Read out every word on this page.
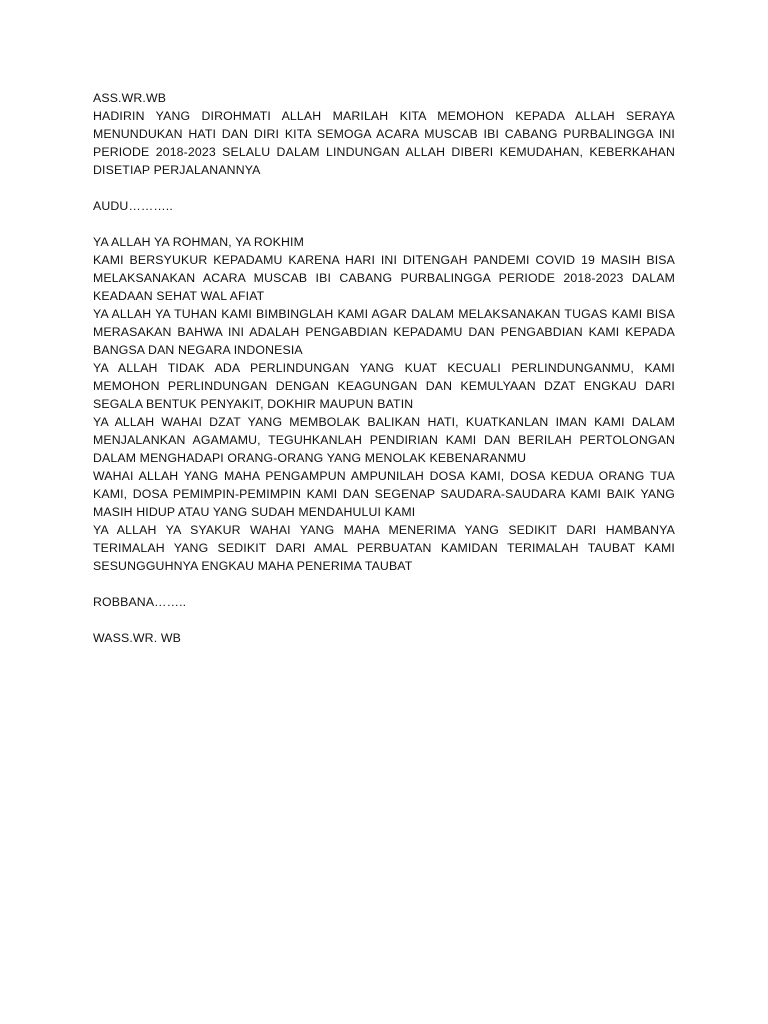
ASS.WR.WB

HADIRIN YANG DIROHMATI ALLAH MARILAH KITA MEMOHON KEPADA ALLAH SERAYA MENUNDUKAN HATI DAN DIRI KITA SEMOGA ACARA MUSCAB IBI CABANG PURBALINGGA INI PERIODE 2018-2023 SELALU DALAM LINDUNGAN ALLAH DIBERI KEMUDAHAN, KEBERKAHAN DISETIAP PERJALANANNYA

AUDU………..

YA ALLAH YA ROHMAN, YA ROKHIM

KAMI BERSYUKUR KEPADAMU KARENA HARI INI DITENGAH PANDEMI COVID 19 MASIH BISA MELAKSANAKAN ACARA MUSCAB IBI CABANG PURBALINGGA PERIODE 2018-2023 DALAM KEADAAN SEHAT WAL AFIAT

YA ALLAH YA TUHAN KAMI BIMBINGLAH KAMI AGAR DALAM MELAKSANAKAN TUGAS KAMI BISA MERASAKAN BAHWA INI ADALAH PENGABDIAN KEPADAMU DAN PENGABDIAN KAMI KEPADA BANGSA DAN NEGARA INDONESIA

YA ALLAH TIDAK ADA PERLINDUNGAN YANG KUAT KECUALI PERLINDUNGANMU, KAMI MEMOHON PERLINDUNGAN DENGAN KEAGUNGAN DAN KEMULYAAN DZAT ENGKAU DARI SEGALA BENTUK PENYAKIT, DOKHIR MAUPUN BATIN

YA ALLAH WAHAI DZAT YANG MEMBOLAK BALIKAN HATI, KUATKANLAN IMAN KAMI DALAM MENJALANKAN AGAMAMU, TEGUHKANLAH PENDIRIAN KAMI DAN BERILAH PERTOLONGAN DALAM MENGHADAPI ORANG-ORANG YANG MENOLAK KEBENARANMU

WAHAI ALLAH YANG MAHA PENGAMPUN AMPUNILAH DOSA KAMI, DOSA KEDUA ORANG TUA KAMI, DOSA PEMIMPIN-PEMIMPIN KAMI DAN SEGENAP SAUDARA-SAUDARA KAMI BAIK YANG MASIH HIDUP ATAU YANG SUDAH MENDAHULUI KAMI

YA ALLAH YA SYAKUR WAHAI YANG MAHA MENERIMA YANG SEDIKIT DARI HAMBANYA TERIMALAH YANG SEDIKIT DARI AMAL PERBUATAN KAMIDAN TERIMALAH TAUBAT KAMI SESUNGGUHNYA ENGKAU MAHA PENERIMA TAUBAT

ROBBANA……..

WASS.WR. WB
